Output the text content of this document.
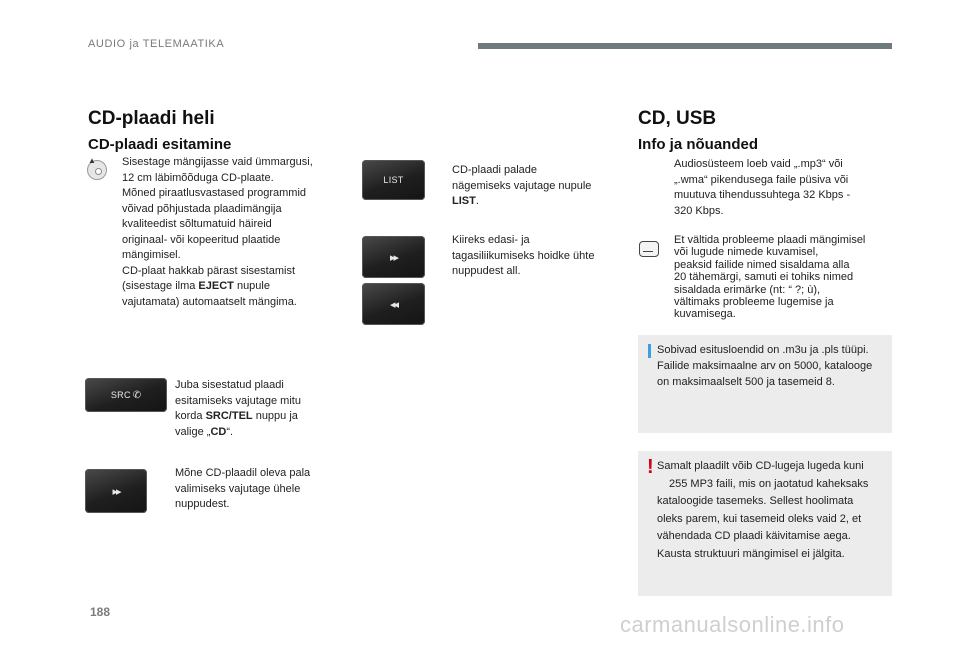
AUDIO ja TELEMAATIKA
CD-plaadi heli
CD-plaadi esitamine
▲ Sisestage mängijasse vaid ümmargusi,
12 cm läbimõõduga CD-plaate.
Mõned piraatlusvastased programmid
võivad põhjustada plaadimängija
kvaliteedist sõltumatuid häireid
originaal- või kopeeritud plaatide
mängimisel.
CD-plaat hakkab pärast sisestamist
(sisestage ilma EJECT nupule
vajutamata) automaatselt mängima.
SRC ✆
Juba sisestatud plaadi
esitamiseks vajutage mitu
korda SRC/TEL nuppu ja
valige „CD“.
▸▸
Mõne CD-plaadil oleva pala
valimiseks vajutage ühele
nuppudest.
LIST
CD-plaadi palade
nägemiseks vajutage nupule
LIST.
▸▸
◂◂
Kiireks edasi- ja
tagasiliikumiseks hoidke ühte
nuppudest all.
CD, USB
Info ja nõuanded
Audiosüsteem loeb vaid „.mp3“ või
„.wma“ pikendusega faile püsiva või
muutuva tihendussuhtega 32 Kbps -
320 Kbps.
Et vältida probleeme plaadi mängimisel
või lugude nimede kuvamisel,
peaksid failide nimed sisaldama alla
20 tähemärgi, samuti ei tohiks nimed
sisaldada erimärke (nt: “ ?; ù),
vältimaks probleeme lugemise ja
kuvamisega.
Sobivad esitusloendid on .m3u ja .pls tüüpi.
Failide maksimaalne arv on 5000, katalooge
on maksimaalselt 500 ja tasemeid 8.
! Samalt plaadilt võib CD-lugeja lugeda kuni
255 MP3 faili, mis on jaotatud kaheksaks
kataloogide tasemeks. Sellest hoolimata
oleks parem, kui tasemeid oleks vaid 2, et
vähendada CD plaadi käivitamise aega.
Kausta struktuuri mängimisel ei jälgita.
188	carmanualsonline.info
